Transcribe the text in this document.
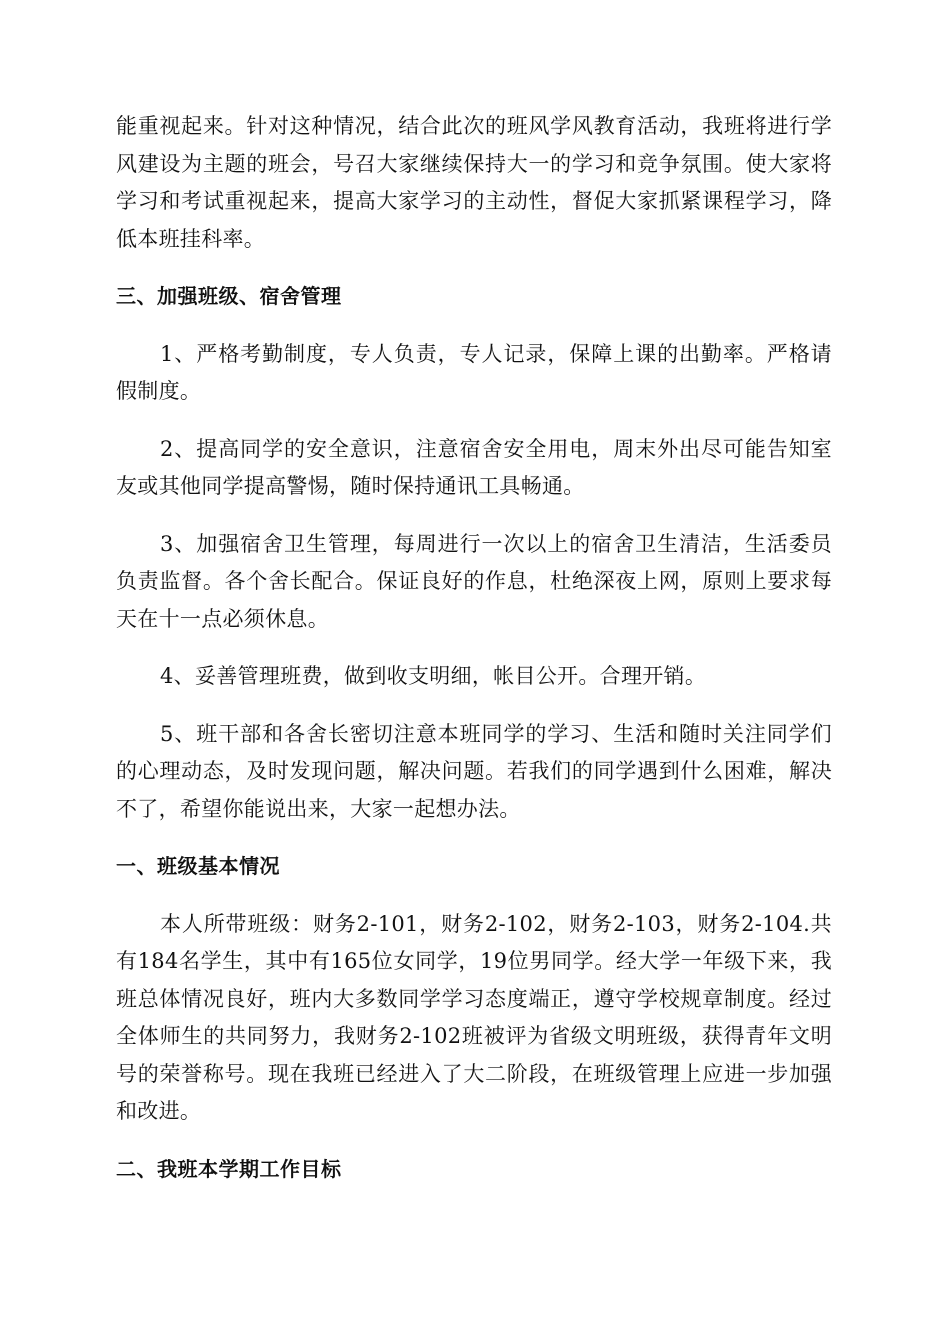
能重视起来。针对这种情况，结合此次的班风学风教育活动，我班将进行学风建设为主题的班会，号召大家继续保持大一的学习和竞争氛围。使大家将学习和考试重视起来，提高大家学习的主动性，督促大家抓紧课程学习，降低本班挂科率。

三、加强班级、宿舍管理

1、严格考勤制度，专人负责，专人记录，保障上课的出勤率。严格请假制度。

2、提高同学的安全意识，注意宿舍安全用电，周末外出尽可能告知室友或其他同学提高警惕，随时保持通讯工具畅通。

3、加强宿舍卫生管理，每周进行一次以上的宿舍卫生清洁，生活委员负责监督。各个舍长配合。保证良好的作息，杜绝深夜上网，原则上要求每天在十一点必须休息。

4、妥善管理班费，做到收支明细，帐目公开。合理开销。

5、班干部和各舍长密切注意本班同学的学习、生活和随时关注同学们的心理动态，及时发现问题，解决问题。若我们的同学遇到什么困难，解决不了，希望你能说出来，大家一起想办法。

一、班级基本情况

本人所带班级：财务2-101，财务2-102，财务2-103，财务2-104.共有184名学生，其中有165位女同学，19位男同学。经大学一年级下来，我班总体情况良好，班内大多数同学学习态度端正，遵守学校规章制度。经过全体师生的共同努力，我财务2-102班被评为省级文明班级，获得青年文明号的荣誉称号。现在我班已经进入了大二阶段，在班级管理上应进一步加强和改进。

二、我班本学期工作目标
